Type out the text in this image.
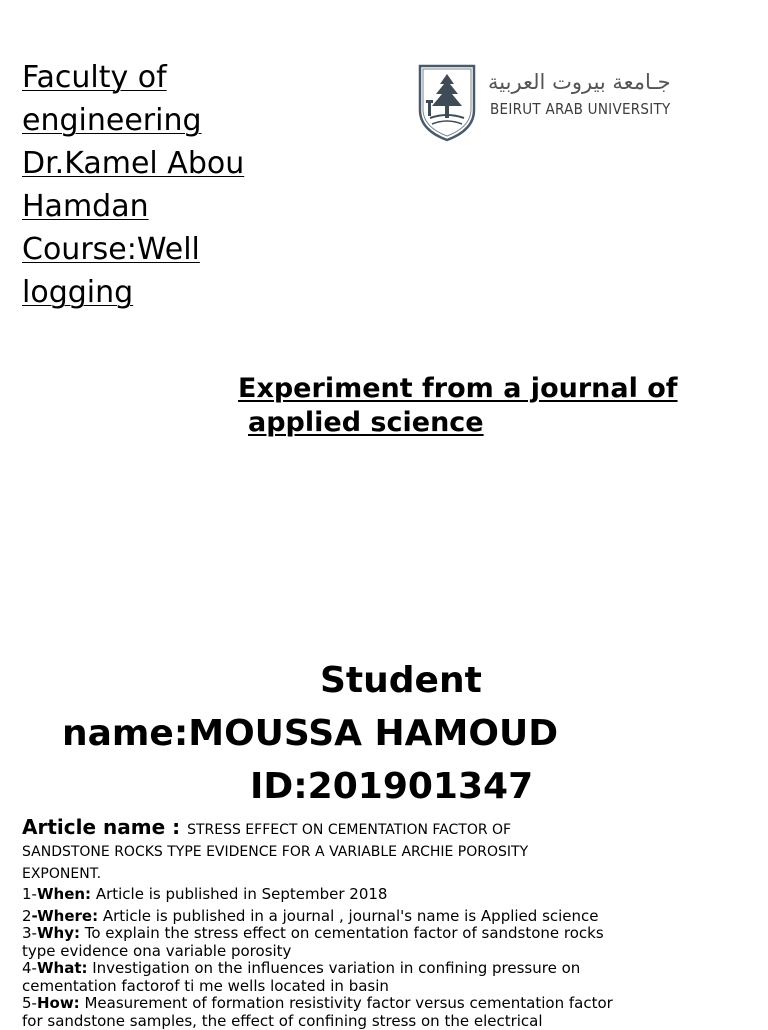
Faculty of
engineering
Dr.Kamel Abou
Hamdan
Course:Well
logging
جـامعة بيروت العربية
BEIRUT ARAB UNIVERSITY
Experiment from a journal of
applied science
Student
name:MOUSSA HAMOUD
ID:201901347
Article name : STRESS EFFECT ON CEMENTATION FACTOR OF
SANDSTONE ROCKS TYPE EVIDENCE FOR A VARIABLE ARCHIE POROSITY
EXPONENT.
1-When: Article is published in September 2018
2-Where: Article is published in a journal , journal's name is Applied science
3-Why: To explain the stress effect on cementation factor of sandstone rocks type evidence ona variable porosity
4-What: Investigation on the influences variation in confining pressure on cementation factorof ti me wells located in basin
5-How: Measurement of formation resistivity factor versus cementation factor for sandstone samples, the effect of confining stress on the electrical
